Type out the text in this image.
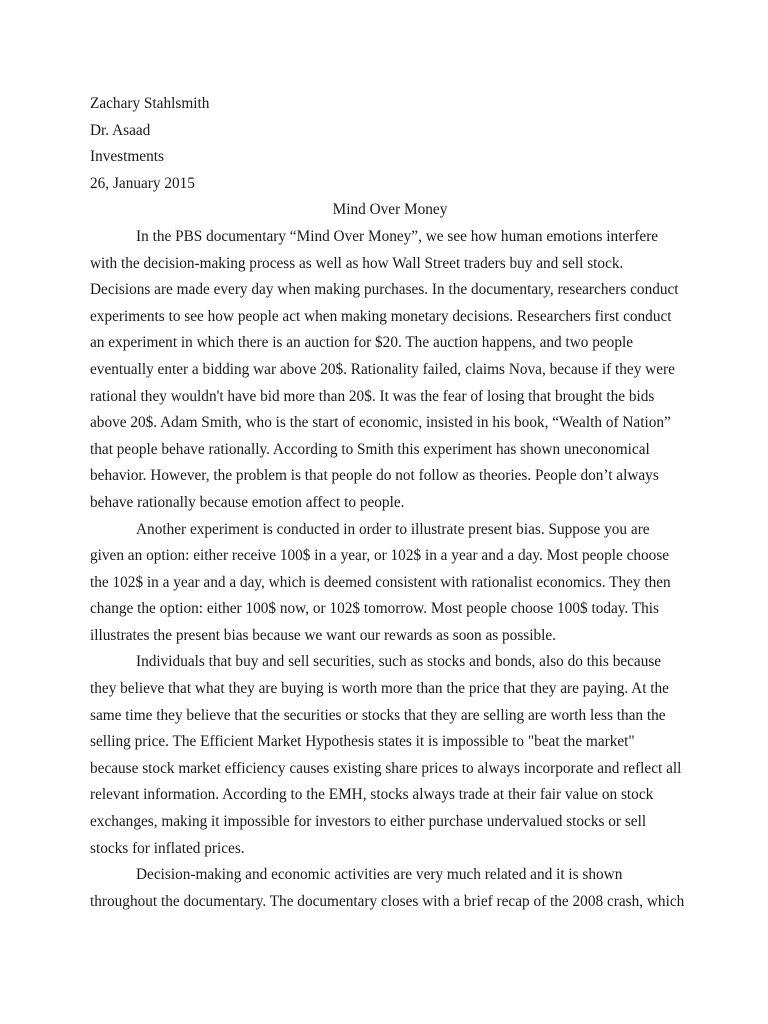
Zachary Stahlsmith
Dr. Asaad
Investments
26, January 2015
Mind Over Money
In the PBS documentary “Mind Over Money”, we see how human emotions interfere
with the decision-making process as well as how Wall Street traders buy and sell stock.
Decisions are made every day when making purchases. In the documentary, researchers conduct
experiments to see how people act when making monetary decisions. Researchers first conduct
an experiment in which there is an auction for $20. The auction happens, and two people
eventually enter a bidding war above 20$. Rationality failed, claims Nova, because if they were
rational they wouldn't have bid more than 20$. It was the fear of losing that brought the bids
above 20$. Adam Smith, who is the start of economic, insisted in his book, “Wealth of Nation”
that people behave rationally. According to Smith this experiment has shown uneconomical
behavior. However, the problem is that people do not follow as theories. People don’t always
behave rationally because emotion affect to people.
Another experiment is conducted in order to illustrate present bias. Suppose you are
given an option: either receive 100$ in a year, or 102$ in a year and a day. Most people choose
the 102$ in a year and a day, which is deemed consistent with rationalist economics. They then
change the option: either 100$ now, or 102$ tomorrow. Most people choose 100$ today. This
illustrates the present bias because we want our rewards as soon as possible.
Individuals that buy and sell securities, such as stocks and bonds, also do this because
they believe that what they are buying is worth more than the price that they are paying. At the
same time they believe that the securities or stocks that they are selling are worth less than the
selling price. The Efficient Market Hypothesis states it is impossible to "beat the market"
because stock market efficiency causes existing share prices to always incorporate and reflect all
relevant information. According to the EMH, stocks always trade at their fair value on stock
exchanges, making it impossible for investors to either purchase undervalued stocks or sell
stocks for inflated prices.
Decision-making and economic activities are very much related and it is shown
throughout the documentary. The documentary closes with a brief recap of the 2008 crash, which
